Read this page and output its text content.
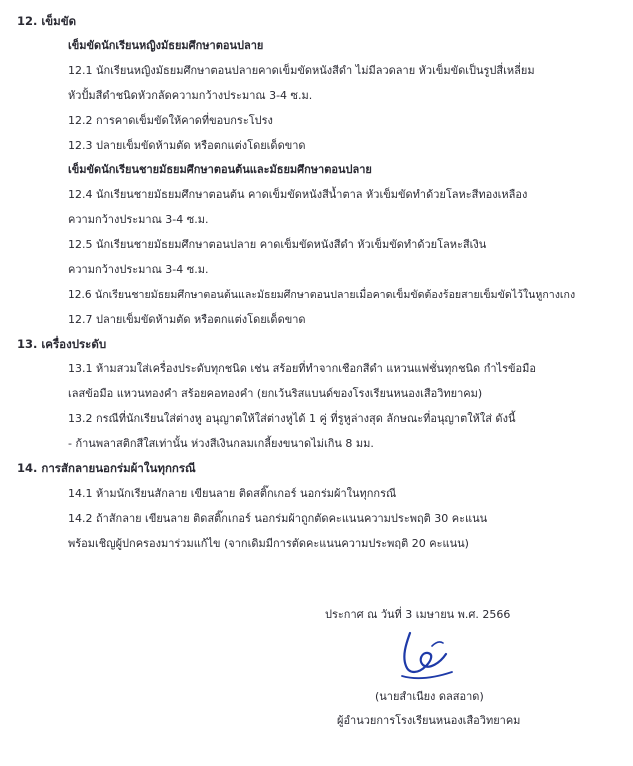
12. เข็มขัด
เข็มขัดนักเรียนหญิงมัธยมศึกษาตอนปลาย
12.1 นักเรียนหญิงมัธยมศึกษาตอนปลายคาดเข็มขัดหนังสีดำ ไม่มีลวดลาย หัวเข็มขัดเป็นรูปสี่เหลี่ยม
หัวปั้มสีดำชนิดหัวกลัดความกว้างประมาณ 3-4 ซ.ม.
12.2 การคาดเข็มขัดให้คาดที่ขอบกระโปรง
12.3 ปลายเข็มขัดห้ามตัด หรือตกแต่งโดยเด็ดขาด
เข็มขัดนักเรียนชายมัธยมศึกษาตอนต้นและมัธยมศึกษาตอนปลาย
12.4 นักเรียนชายมัธยมศึกษาตอนต้น คาดเข็มขัดหนังสีน้ำตาล หัวเข็มขัดทำด้วยโลหะสีทองเหลือง
ความกว้างประมาณ 3-4 ซ.ม.
12.5 นักเรียนชายมัธยมศึกษาตอนปลาย คาดเข็มขัดหนังสีดำ หัวเข็มขัดทำด้วยโลหะสีเงิน
ความกว้างประมาณ 3-4 ซ.ม.
12.6 นักเรียนชายมัธยมศึกษาตอนต้นและมัธยมศึกษาตอนปลายเมื่อคาดเข็มขัดต้องร้อยสายเข็มขัดไว้ในหูกางเกง
12.7 ปลายเข็มขัดห้ามตัด หรือตกแต่งโดยเด็ดขาด
13. เครื่องประดับ
13.1 ห้ามสวมใส่เครื่องประดับทุกชนิด เช่น สร้อยที่ทำจากเชือกสีดำ แหวนแฟชั่นทุกชนิด กำไรข้อมือ
เลสข้อมือ แหวนทองคำ สร้อยคอทองคำ (ยกเว้นริสแบนด์ของโรงเรียนหนองเสือวิทยาคม)
13.2 กรณีที่นักเรียนใส่ต่างหู อนุญาตให้ใส่ต่างหูได้ 1 คู่ ที่รูหูล่างสุด ลักษณะที่อนุญาตให้ใส่ ดังนี้
- ก้านพลาสติกสีใสเท่านั้น ห่วงสีเงินกลมเกลี้ยงขนาดไม่เกิน 8 มม.
14. การสักลายนอกร่มผ้าในทุกกรณี
14.1 ห้ามนักเรียนสักลาย เขียนลาย ติดสติ๊กเกอร์ นอกร่มผ้าในทุกกรณี
14.2 ถ้าสักลาย เขียนลาย ติดสติ๊กเกอร์ นอกร่มผ้าถูกตัดคะแนนความประพฤติ 30 คะแนน
พร้อมเชิญผู้ปกครองมาร่วมแก้ไข (จากเดิมมีการตัดคะแนนความประพฤติ 20 คะแนน)
ประกาศ ณ วันที่ 3 เมษายน พ.ศ. 2566
(นายสำเนียง ดลสอาด)
ผู้อำนวยการโรงเรียนหนองเสือวิทยาคม
